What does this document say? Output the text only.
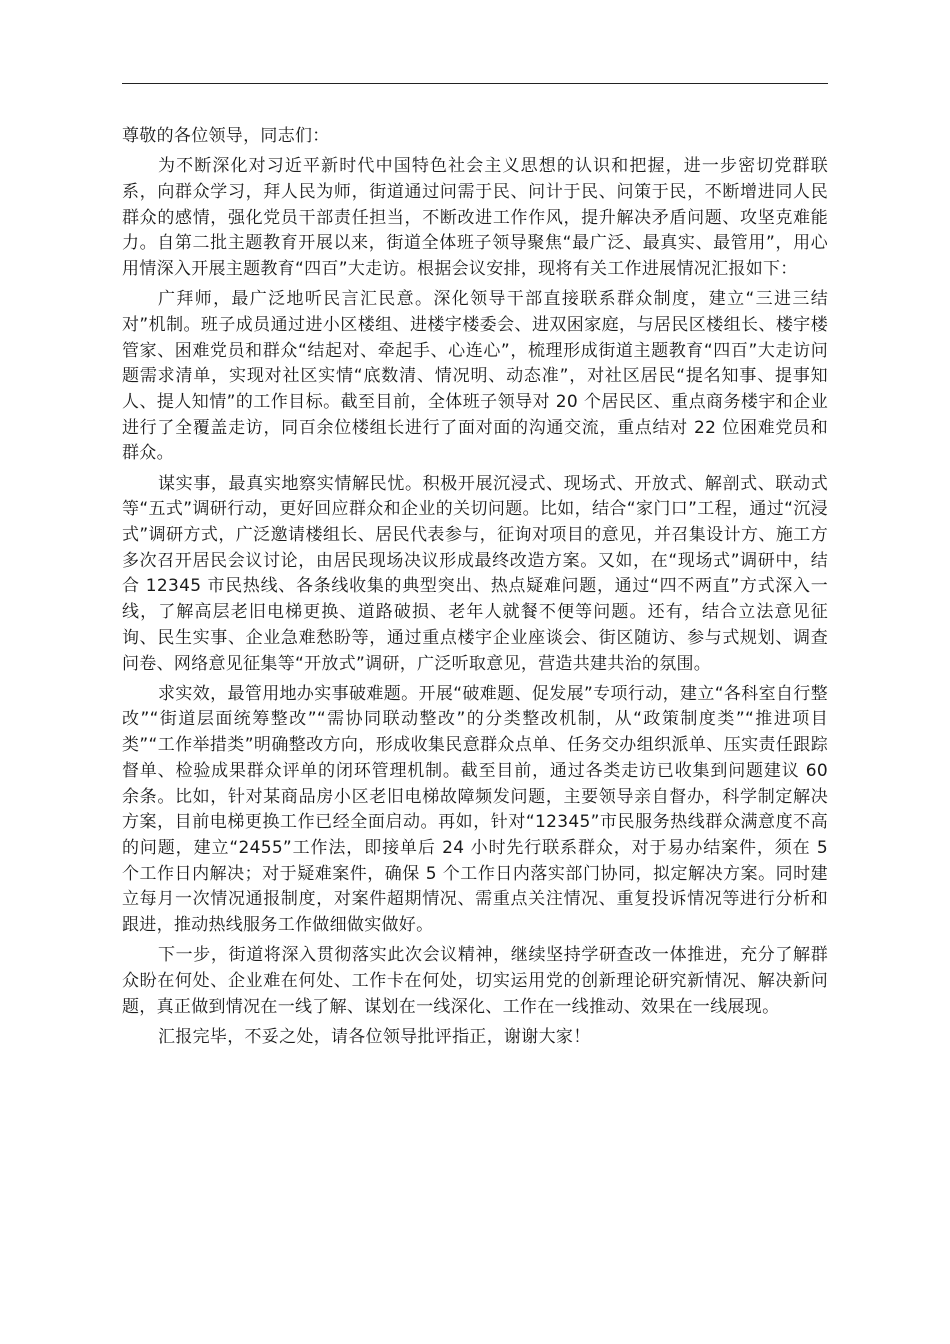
尊敬的各位领导，同志们：

为不断深化对习近平新时代中国特色社会主义思想的认识和把握，进一步密切党群联系，向群众学习，拜人民为师，街道通过问需于民、问计于民、问策于民，不断增进同人民群众的感情，强化党员干部责任担当，不断改进工作作风，提升解决矛盾问题、攻坚克难能力。自第二批主题教育开展以来，街道全体班子领导聚焦“最广泛、最真实、最管用”，用心用情深入开展主题教育“四百”大走访。根据会议安排，现将有关工作进展情况汇报如下：

广拜师，最广泛地听民言汇民意。深化领导干部直接联系群众制度，建立“三进三结对”机制。班子成员通过进小区楼组、进楼宇楼委会、进双困家庭，与居民区楼组长、楼宇楼管家、困难党员和群众“结起对、牵起手、心连心”，梳理形成街道主题教育“四百”大走访问题需求清单，实现对社区实情“底数清、情况明、动态准”，对社区居民“提名知事、提事知人、提人知情”的工作目标。截至目前，全体班子领导对 20 个居民区、重点商务楼宇和企业进行了全覆盖走访，同百余位楼组长进行了面对面的沟通交流，重点结对 22 位困难党员和群众。

谋实事，最真实地察实情解民忧。积极开展沉浸式、现场式、开放式、解剖式、联动式等“五式”调研行动，更好回应群众和企业的关切问题。比如，结合“家门口”工程，通过“沉浸式”调研方式，广泛邀请楼组长、居民代表参与，征询对项目的意见，并召集设计方、施工方多次召开居民会议讨论，由居民现场决议形成最终改造方案。又如，在“现场式”调研中，结合 12345 市民热线、各条线收集的典型突出、热点疑难问题，通过“四不两直”方式深入一线，了解高层老旧电梯更换、道路破损、老年人就餐不便等问题。还有，结合立法意见征询、民生实事、企业急难愁盼等，通过重点楼宇企业座谈会、街区随访、参与式规划、调查问卷、网络意见征集等“开放式”调研，广泛听取意见，营造共建共治的氛围。

求实效，最管用地办实事破难题。开展“破难题、促发展”专项行动，建立“各科室自行整改”“街道层面统筹整改”“需协同联动整改”的分类整改机制，从“政策制度类”“推进项目类”“工作举措类”明确整改方向，形成收集民意群众点单、任务交办组织派单、压实责任跟踪督单、检验成果群众评单的闭环管理机制。截至目前，通过各类走访已收集到问题建议 60 余条。比如，针对某商品房小区老旧电梯故障频发问题，主要领导亲自督办，科学制定解决方案，目前电梯更换工作已经全面启动。再如，针对“12345”市民服务热线群众满意度不高的问题，建立“2455”工作法，即接单后 24 小时先行联系群众，对于易办结案件，须在 5 个工作日内解决；对于疑难案件，确保 5 个工作日内落实部门协同，拟定解决方案。同时建立每月一次情况通报制度，对案件超期情况、需重点关注情况、重复投诉情况等进行分析和跟进，推动热线服务工作做细做实做好。

下一步，街道将深入贯彻落实此次会议精神，继续坚持学研查改一体推进，充分了解群众盼在何处、企业难在何处、工作卡在何处，切实运用党的创新理论研究新情况、解决新问题，真正做到情况在一线了解、谋划在一线深化、工作在一线推动、效果在一线展现。

汇报完毕，不妥之处，请各位领导批评指正，谢谢大家！
